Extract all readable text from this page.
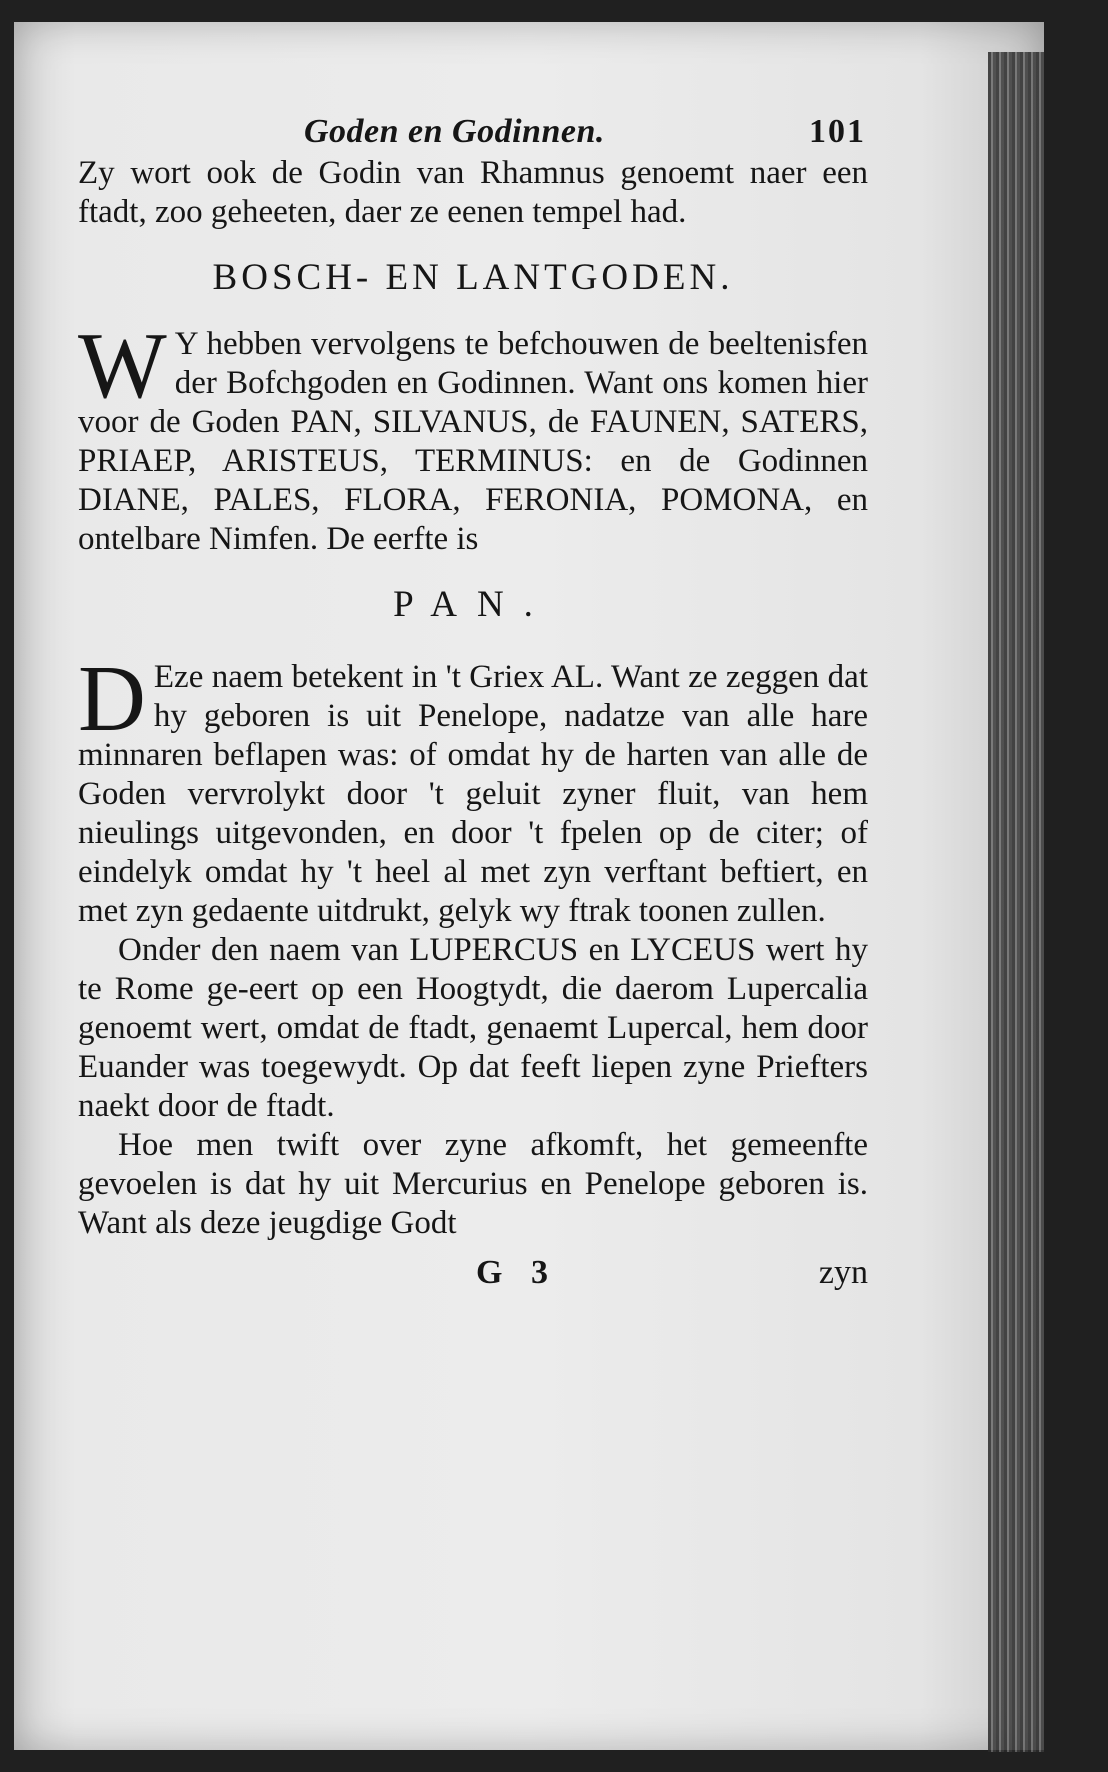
Goden en Godinnen.	101

Zy wort ook de Godin van Rhamnus genoemt naer een ftadt, zoo geheeten, daer ze eenen tempel had.

BOSCH- EN LANTGODEN.

W Y hebben vervolgens te befchouwen de beeltenisfen der Bofchgoden en Godinnen. Want ons komen hier voor de Goden PAN, SILVANUS, de FAUNEN, SATERS, PRIAEP, ARISTEUS, TERMINUS: en de Godinnen DIANE, PALES, FLORA, FERONIA, POMONA, en ontelbare Nimfen. De eerfte is

PAN.

D Eze naem betekent in 't Griex AL. Want ze zeggen dat hy geboren is uit Penelope, nadatze van alle hare minnaren beflapen was: of omdat hy de harten van alle de Goden vervrolykt door 't geluit zyner fluit, van hem nieulings uitgevonden, en door 't fpelen op de citer; of eindelyk omdat hy 't heel al met zyn verftant beftiert, en met zyn gedaente uitdrukt, gelyk wy ftrak toonen zullen.

Onder den naem van LUPERCUS en LYCEUS wert hy te Rome ge-eert op een Hoogtydt, die daerom Lupercalia genoemt wert, omdat de ftadt, genaemt Lupercal, hem door Euander was toegewydt. Op dat feeft liepen zyne Priefters naekt door de ftadt.

Hoe men twift over zyne afkomft, het gemeenfte gevoelen is dat hy uit Mercurius en Penelope geboren is. Want als deze jeugdige Godt

G 3	zyn
